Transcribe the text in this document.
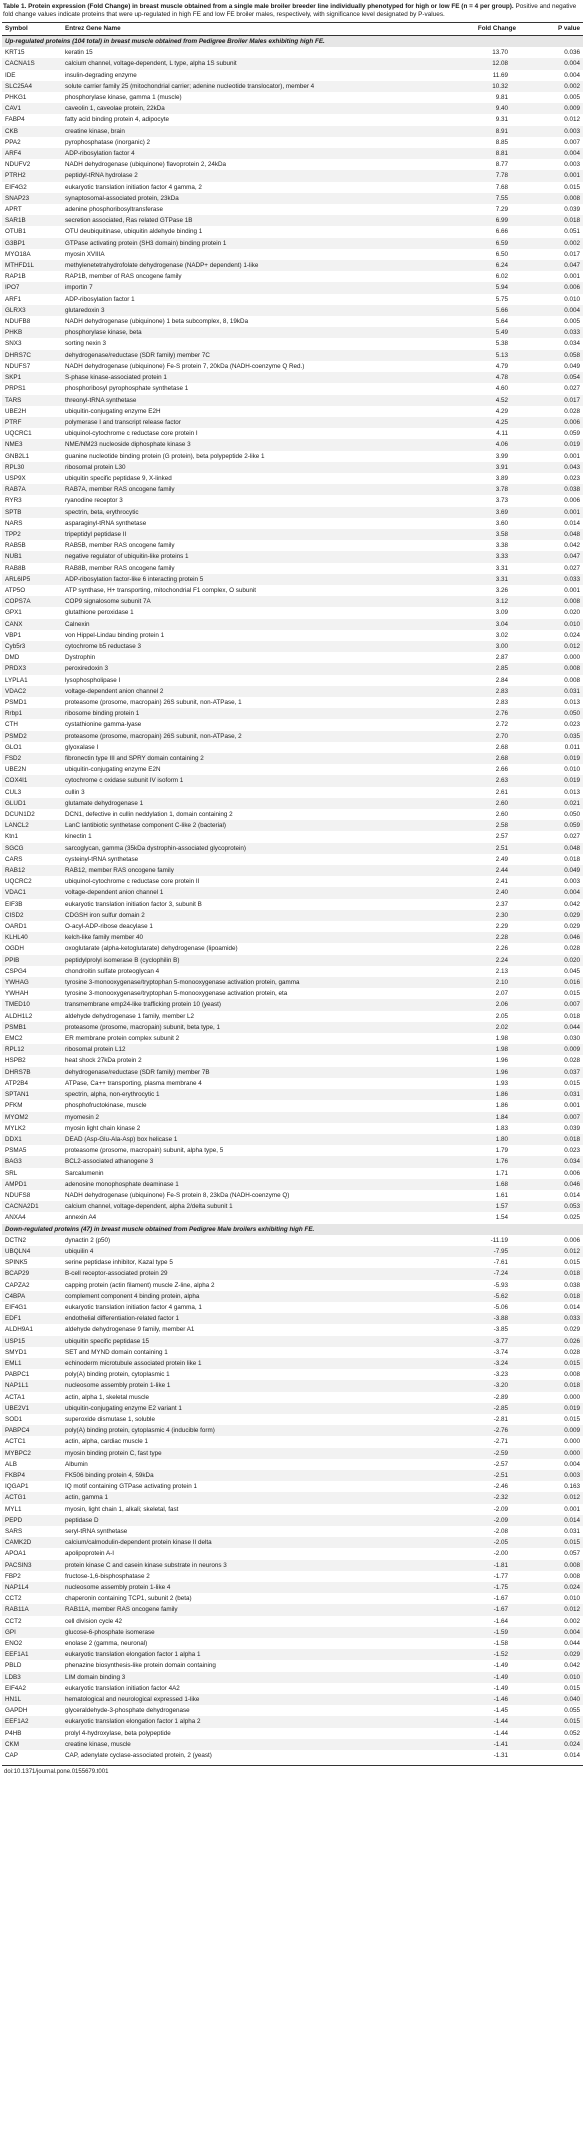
Table 1. Protein expression (Fold Change) in breast muscle obtained from a single male broiler breeder line individually phenotyped for high or low FE (n = 4 per group). Positive and negative fold change values indicate proteins that were up-regulated in high FE and low FE broiler males, respectively, with significance level designated by P-values.
Symbol	Entrez Gene Name	Fold Change	P value
Up-regulated proteins (104 total) in breast muscle obtained from Pedigree Broiler Males exhibiting high FE.			
KRT15	keratin 15	13.70	0.036
CACNA1S	calcium channel, voltage-dependent, L type, alpha 1S subunit	12.08	0.004
IDE	insulin-degrading enzyme	11.69	0.004
SLC25A4	solute carrier family 25 (mitochondrial carrier; adenine nucleotide translocator), member 4	10.32	0.002
PHKG1	phosphorylase kinase, gamma 1 (muscle)	9.81	0.005
CAV1	caveolin 1, caveolae protein, 22kDa	9.40	0.009
FABP4	fatty acid binding protein 4, adipocyte	9.31	0.012
CKB	creatine kinase, brain	8.91	0.003
PPA2	pyrophosphatase (inorganic) 2	8.85	0.007
ARF4	ADP-ribosylation factor 4	8.81	0.004
NDUFV2	NADH dehydrogenase (ubiquinone) flavoprotein 2, 24kDa	8.77	0.003
PTRH2	peptidyl-tRNA hydrolase 2	7.78	0.001
EIF4G2	eukaryotic translation initiation factor 4 gamma, 2	7.68	0.015
SNAP23	synaptosomal-associated protein, 23kDa	7.55	0.008
APRT	adenine phosphoribosyltransferase	7.29	0.039
SAR1B	secretion associated, Ras related GTPase 1B	6.99	0.018
OTUB1	OTU deubiquitinase, ubiquitin aldehyde binding 1	6.66	0.051
G3BP1	GTPase activating protein (SH3 domain) binding protein 1	6.59	0.002
MYO18A	myosin XVIIIA	6.50	0.017
MTHFD1L	methylenetetrahydrofolate dehydrogenase (NADP+ dependent) 1-like	6.24	0.047
RAP1B	RAP1B, member of RAS oncogene family	6.02	0.001
IPO7	importin 7	5.94	0.006
ARF1	ADP-ribosylation factor 1	5.75	0.010
GLRX3	glutaredoxin 3	5.66	0.004
NDUFB8	NADH dehydrogenase (ubiquinone) 1 beta subcomplex, 8, 19kDa	5.64	0.005
PHKB	phosphorylase kinase, beta	5.49	0.033
SNX3	sorting nexin 3	5.38	0.034
DHRS7C	dehydrogenase/reductase (SDR family) member 7C	5.13	0.058
NDUFS7	NADH dehydrogenase (ubiquinone) Fe-S protein 7, 20kDa (NADH-coenzyme Q Red.)	4.79	0.049
SKP1	S-phase kinase-associated protein 1	4.78	0.054
PRPS1	phosphoribosyl pyrophosphate synthetase 1	4.60	0.027
TARS	threonyl-tRNA synthetase	4.52	0.017
UBE2H	ubiquitin-conjugating enzyme E2H	4.29	0.028
PTRF	polymerase I and transcript release factor	4.25	0.006
UQCRC1	ubiquinol-cytochrome c reductase core protein I	4.11	0.059
NME3	NME/NM23 nucleoside diphosphate kinase 3	4.06	0.019
GNB2L1	guanine nucleotide binding protein (G protein), beta polypeptide 2-like 1	3.99	0.001
RPL30	ribosomal protein L30	3.91	0.043
USP9X	ubiquitin specific peptidase 9, X-linked	3.89	0.023
RAB7A	RAB7A, member RAS oncogene family	3.78	0.038
RYR3	ryanodine receptor 3	3.73	0.006
SPTB	spectrin, beta, erythrocytic	3.69	0.001
NARS	asparaginyl-tRNA synthetase	3.60	0.014
TPP2	tripeptidyl peptidase II	3.58	0.048
RAB5B	RAB5B, member RAS oncogene family	3.38	0.042
NUB1	negative regulator of ubiquitin-like proteins 1	3.33	0.047
RAB8B	RAB8B, member RAS oncogene family	3.31	0.027
ARL6IP5	ADP-ribosylation factor-like 6 interacting protein 5	3.31	0.033
ATP5O	ATP synthase, H+ transporting, mitochondrial F1 complex, O subunit	3.26	0.001
COPS7A	COP9 signalosome subunit 7A	3.12	0.008
GPX1	glutathione peroxidase 1	3.09	0.020
CANX	Calnexin	3.04	0.010
VBP1	von Hippel-Lindau binding protein 1	3.02	0.024
Cyb5r3	cytochrome b5 reductase 3	3.00	0.012
DMD	Dystrophin	2.87	0.000
PRDX3	peroxiredoxin 3	2.85	0.008
LYPLA1	lysophospholipase I	2.84	0.008
VDAC2	voltage-dependent anion channel 2	2.83	0.031
PSMD1	proteasome (prosome, macropain) 26S subunit, non-ATPase, 1	2.83	0.013
Rrbp1	ribosome binding protein 1	2.76	0.050
CTH	cystathionine gamma-lyase	2.72	0.023
PSMD2	proteasome (prosome, macropain) 26S subunit, non-ATPase, 2	2.70	0.035
GLO1	glyoxalase I	2.68	0.011
FSD2	fibronectin type III and SPRY domain containing 2	2.68	0.019
UBE2N	ubiquitin-conjugating enzyme E2N	2.66	0.010
COX4I1	cytochrome c oxidase subunit IV isoform 1	2.63	0.019
CUL3	cullin 3	2.61	0.013
GLUD1	glutamate dehydrogenase 1	2.60	0.021
DCUN1D2	DCN1, defective in cullin neddylation 1, domain containing 2	2.60	0.050
LANCL2	LanC lantibiotic synthetase component C-like 2 (bacterial)	2.58	0.059
Ktn1	kinectin 1	2.57	0.027
SGCG	sarcoglycan, gamma (35kDa dystrophin-associated glycoprotein)	2.51	0.048
CARS	cysteinyl-tRNA synthetase	2.49	0.018
RAB12	RAB12, member RAS oncogene family	2.44	0.049
UQCRC2	ubiquinol-cytochrome c reductase core protein II	2.41	0.003
VDAC1	voltage-dependent anion channel 1	2.40	0.004
EIF3B	eukaryotic translation initiation factor 3, subunit B	2.37	0.042
CISD2	CDGSH iron sulfur domain 2	2.30	0.029
OARD1	O-acyl-ADP-ribose deacylase 1	2.29	0.029
KLHL40	kelch-like family member 40	2.28	0.046
OGDH	oxoglutarate (alpha-ketoglutarate) dehydrogenase (lipoamide)	2.26	0.028
PPIB	peptidylprolyl isomerase B (cyclophilin B)	2.24	0.020
CSPG4	chondroitin sulfate proteoglycan 4	2.13	0.045
YWHAG	tyrosine 3-monooxygenase/tryptophan 5-monooxygenase activation protein, gamma	2.10	0.016
YWHAH	tyrosine 3-monooxygenase/tryptophan 5-monooxygenase activation protein, eta	2.07	0.015
TMED10	transmembrane emp24-like trafficking protein 10 (yeast)	2.06	0.007
ALDH1L2	aldehyde dehydrogenase 1 family, member L2	2.05	0.018
PSMB1	proteasome (prosome, macropain) subunit, beta type, 1	2.02	0.044
EMC2	ER membrane protein complex subunit 2	1.98	0.030
RPL12	ribosomal protein L12	1.98	0.009
HSPB2	heat shock 27kDa protein 2	1.96	0.028
DHRS7B	dehydrogenase/reductase (SDR family) member 7B	1.96	0.037
ATP2B4	ATPase, Ca++ transporting, plasma membrane 4	1.93	0.015
SPTAN1	spectrin, alpha, non-erythrocytic 1	1.86	0.031
PFKM	phosphofructokinase, muscle	1.86	0.001
MYOM2	myomesin 2	1.84	0.007
MYLK2	myosin light chain kinase 2	1.83	0.039
DDX1	DEAD (Asp-Glu-Ala-Asp) box helicase 1	1.80	0.018
PSMA5	proteasome (prosome, macropain) subunit, alpha type, 5	1.79	0.023
BAG3	BCL2-associated athanogene 3	1.76	0.034
SRL	Sarcalumenin	1.71	0.006
AMPD1	adenosine monophosphate deaminase 1	1.68	0.046
NDUFS8	NADH dehydrogenase (ubiquinone) Fe-S protein 8, 23kDa (NADH-coenzyme Q)	1.61	0.014
CACNA2D1	calcium channel, voltage-dependent, alpha 2/delta subunit 1	1.57	0.053
ANXA4	annexin A4	1.54	0.025
Down-regulated proteins (47) in breast muscle obtained from Pedigree Male broilers exhibiting high FE.			
DCTN2	dynactin 2 (p50)	-11.19	0.006
UBQLN4	ubiquilin 4	-7.95	0.012
SPINK5	serine peptidase inhibitor, Kazal type 5	-7.61	0.015
BCAP29	B-cell receptor-associated protein 29	-7.24	0.018
CAPZA2	capping protein (actin filament) muscle Z-line, alpha 2	-5.93	0.038
C4BPA	complement component 4 binding protein, alpha	-5.62	0.018
EIF4G1	eukaryotic translation initiation factor 4 gamma, 1	-5.06	0.014
EDF1	endothelial differentiation-related factor 1	-3.88	0.033
ALDH9A1	aldehyde dehydrogenase 9 family, member A1	-3.85	0.029
USP15	ubiquitin specific peptidase 15	-3.77	0.026
SMYD1	SET and MYND domain containing 1	-3.74	0.028
EML1	echinoderm microtubule associated protein like 1	-3.24	0.015
PABPC1	poly(A) binding protein, cytoplasmic 1	-3.23	0.008
NAP1L1	nucleosome assembly protein 1-like 1	-3.20	0.018
ACTA1	actin, alpha 1, skeletal muscle	-2.89	0.000
UBE2V1	ubiquitin-conjugating enzyme E2 variant 1	-2.85	0.019
SOD1	superoxide dismutase 1, soluble	-2.81	0.015
PABPC4	poly(A) binding protein, cytoplasmic 4 (inducible form)	-2.76	0.009
ACTC1	actin, alpha, cardiac muscle 1	-2.71	0.000
MYBPC2	myosin binding protein C, fast type	-2.59	0.000
ALB	Albumin	-2.57	0.004
FKBP4	FK506 binding protein 4, 59kDa	-2.51	0.003
IQGAP1	IQ motif containing GTPase activating protein 1	-2.46	0.163
ACTG1	actin, gamma 1	-2.32	0.012
MYL1	myosin, light chain 1, alkali; skeletal, fast	-2.09	0.001
PEPD	peptidase D	-2.09	0.014
SARS	seryl-tRNA synthetase	-2.08	0.031
CAMK2D	calcium/calmodulin-dependent protein kinase II delta	-2.05	0.015
APOA1	apolipoprotein A-I	-2.00	0.057
PACSIN3	protein kinase C and casein kinase substrate in neurons 3	-1.81	0.008
FBP2	fructose-1,6-bisphosphatase 2	-1.77	0.008
NAP1L4	nucleosome assembly protein 1-like 4	-1.75	0.024
CCT2	chaperonin containing TCP1, subunit 2 (beta)	-1.67	0.010
RAB11A	RAB11A, member RAS oncogene family	-1.67	0.012
CCT2	cell division cycle 42	-1.64	0.002
GPI	glucose-6-phosphate isomerase	-1.59	0.004
ENO2	enolase 2 (gamma, neuronal)	-1.58	0.044
EEF1A1	eukaryotic translation elongation factor 1 alpha 1	-1.52	0.029
PBLD	phenazine biosynthesis-like protein domain containing	-1.49	0.042
LDB3	LIM domain binding 3	-1.49	0.010
EIF4A2	eukaryotic translation initiation factor 4A2	-1.49	0.015
HN1L	hematological and neurological expressed 1-like	-1.46	0.040
GAPDH	glyceraldehyde-3-phosphate dehydrogenase	-1.45	0.055
EEF1A2	eukaryotic translation elongation factor 1 alpha 2	-1.44	0.015
P4HB	prolyl 4-hydroxylase, beta polypeptide	-1.44	0.052
CKM	creatine kinase, muscle	-1.41	0.024
CAP	CAP, adenylate cyclase-associated protein, 2 (yeast)	-1.31	0.014
doi:10.1371/journal.pone.0155679.t001
